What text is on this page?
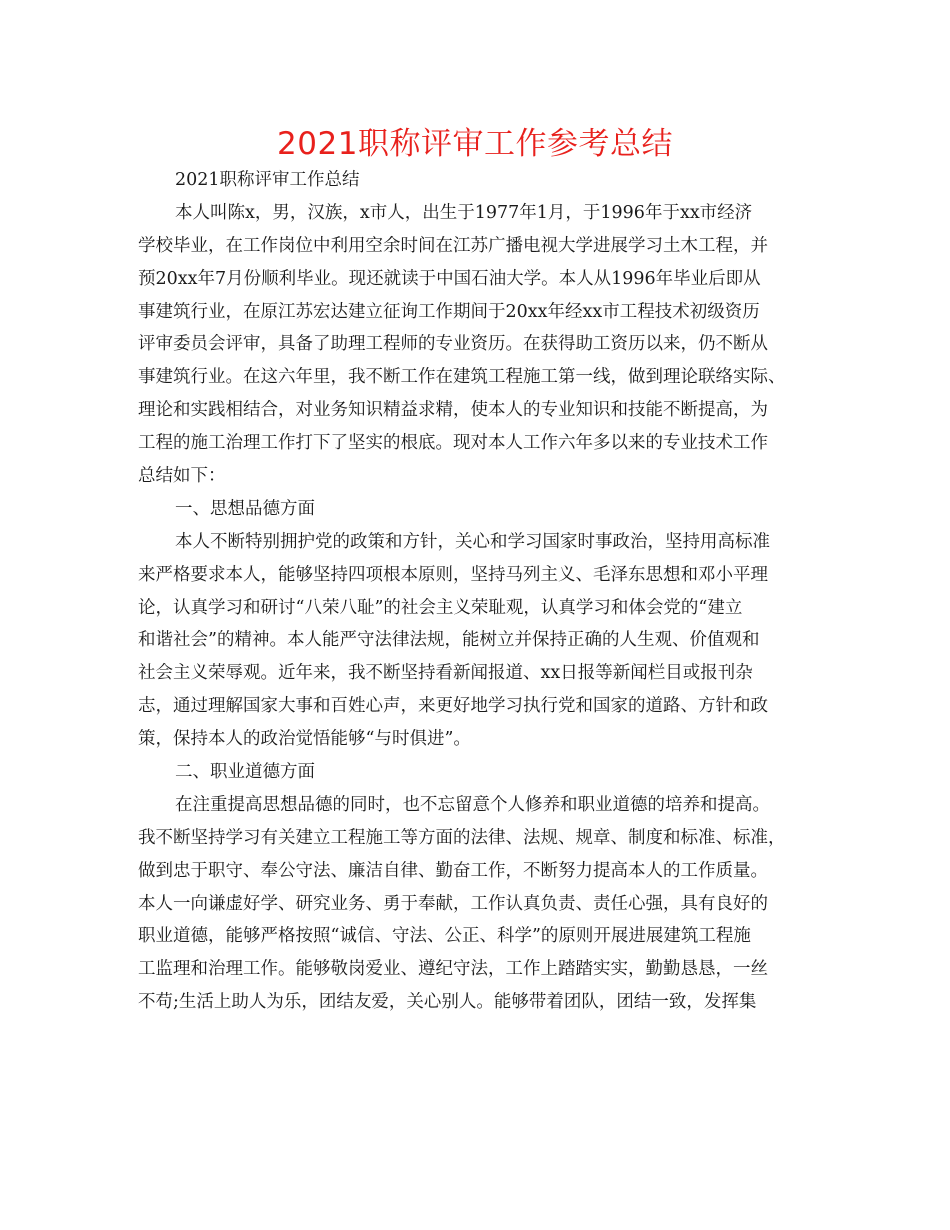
2021职称评审工作参考总结
2021职称评审工作总结
本人叫陈x，男，汉族，x市人，出生于1977年1月，于1996年于xx市经济
学校毕业，在工作岗位中利用空余时间在江苏广播电视大学进展学习土木工程，并
预20xx年7月份顺利毕业。现还就读于中国石油大学。本人从1996年毕业后即从
事建筑行业，在原江苏宏达建立征询工作期间于20xx年经xx市工程技术初级资历
评审委员会评审，具备了助理工程师的专业资历。在获得助工资历以来，仍不断从
事建筑行业。在这六年里，我不断工作在建筑工程施工第一线，做到理论联络实际、
理论和实践相结合，对业务知识精益求精，使本人的专业知识和技能不断提高，为
工程的施工治理工作打下了坚实的根底。现对本人工作六年多以来的专业技术工作
总结如下：
一、思想品德方面
本人不断特别拥护党的政策和方针，关心和学习国家时事政治，坚持用高标准
来严格要求本人，能够坚持四项根本原则，坚持马列主义、毛泽东思想和邓小平理
论，认真学习和研讨“八荣八耻”的社会主义荣耻观，认真学习和体会党的“建立
和谐社会”的精神。本人能严守法律法规，能树立并保持正确的人生观、价值观和
社会主义荣辱观。近年来，我不断坚持看新闻报道、xx日报等新闻栏目或报刊杂
志，通过理解国家大事和百姓心声，来更好地学习执行党和国家的道路、方针和政
策，保持本人的政治觉悟能够“与时俱进”。
二、职业道德方面
在注重提高思想品德的同时，也不忘留意个人修养和职业道德的培养和提高。
我不断坚持学习有关建立工程施工等方面的法律、法规、规章、制度和标准、标准，
做到忠于职守、奉公守法、廉洁自律、勤奋工作，不断努力提高本人的工作质量。
本人一向谦虚好学、研究业务、勇于奉献，工作认真负责、责任心强，具有良好的
职业道德，能够严格按照“诚信、守法、公正、科学”的原则开展进展建筑工程施
工监理和治理工作。能够敬岗爱业、遵纪守法，工作上踏踏实实，勤勤恳恳，一丝
不苟;生活上助人为乐，团结友爱，关心别人。能够带着团队，团结一致，发挥集
